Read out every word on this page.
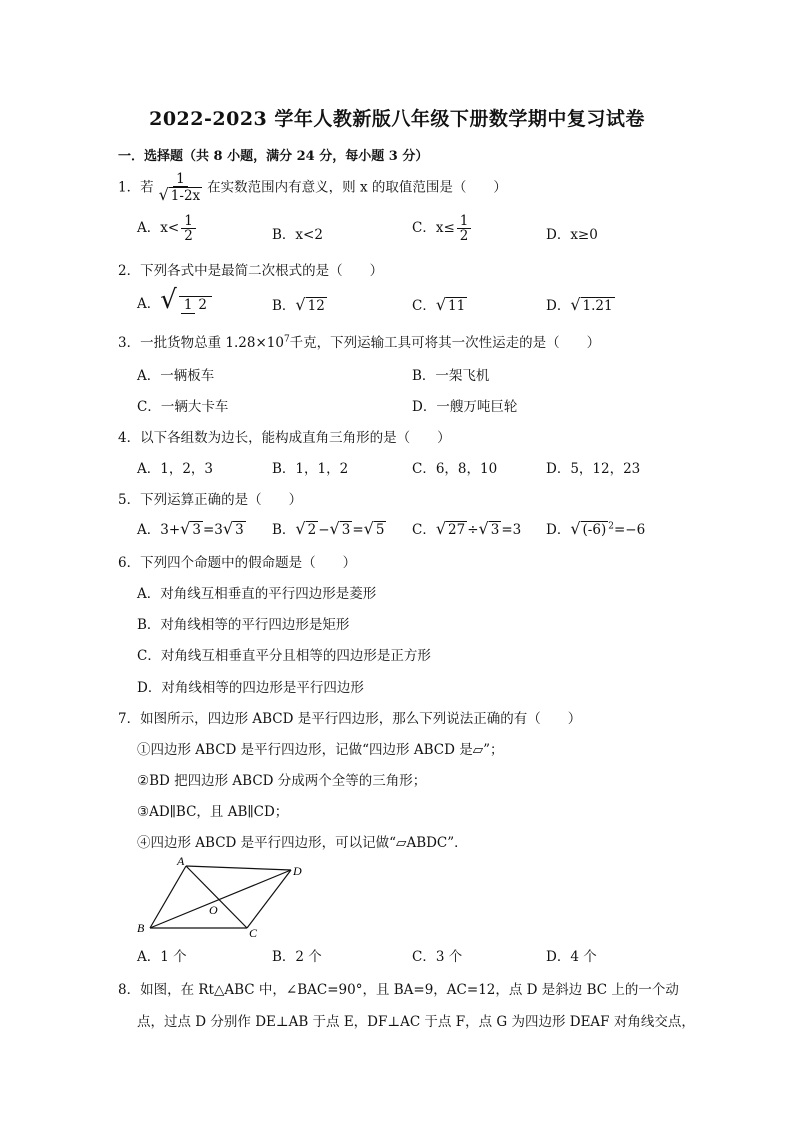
2022-2023 学年人教新版八年级下册数学期中复习试卷
一．选择题（共 8 小题，满分 24 分，每小题 3 分）
1．若 $\frac{1}{√ 1-2x}$ 在实数范围内有意义，则 x 的取值范围是（　　）
A．$x< \frac{1}{2}$	B．x<2	C．$x\le \frac{1}{2}$	D．x≥0
2．下列各式中是最简二次根式的是（　　）
A．√ 1 2	B．√ 12	C．√ 11	D．√ 1.21
3．一批货物总重 $1.28\times 10^7$千克，下列运输工具可将其一次性运走的是（　　）
A．一辆板车	B．一架飞机
C．一辆大卡车	D．一艘万吨巨轮
4．以下各组数为边长，能构成直角三角形的是（　　）
A．1，2，3	B．1，1，2	C．6，8，10	D．5，12，23
5．下列运算正确的是（　　）
A．3+√ 3 =3√ 3 B．√ 2 −√ 3 =√ 5 C．√ 27 ÷√ 3 =3 D．√ (-6) $^2$=−6
6．下列四个命题中的假命题是（　　）
A．对角线互相垂直的平行四边形是菱形
B．对角线相等的平行四边形是矩形
C．对角线互相垂直平分且相等的四边形是正方形
D．对角线相等的四边形是平行四边形
7．如图所示，四边形 ABCD 是平行四边形，那么下列说法正确的有（　　）
①四边形 ABCD 是平行四边形，记做“四边形 ABCD 是▱”；
②BD 把四边形 ABCD 分成两个全等的三角形；
③AD∥BC，且 AB∥CD；
④四边形 ABCD 是平行四边形，可以记做“▱ABDC”．
A
B	C
D
O
A．1 个	B．2 个	C．3 个	D．4 个
8．如图，在 Rt△ABC 中，∠BAC=90°，且 BA=9，AC=12，点 D 是斜边 BC 上的一个动
点，过点 D 分别作 DE⊥AB 于点 E，DF⊥AC 于点 F，点 G 为四边形 DEAF 对角线交点，
